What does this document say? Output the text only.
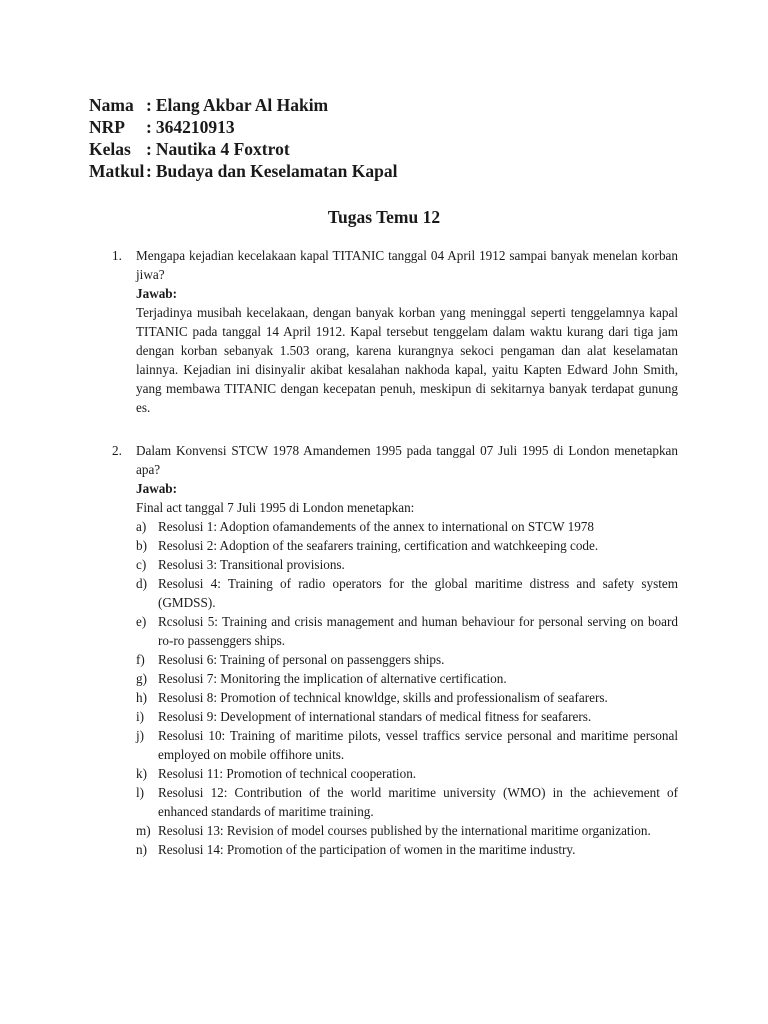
Nama : Elang Akbar Al Hakim
NRP	: 364210913
Kelas : Nautika 4 Foxtrot
Matkul : Budaya dan Keselamatan Kapal
Tugas Temu 12
1.	Mengapa kejadian kecelakaan kapal TITANIC tanggal 04 April 1912 sampai banyak menelan korban jiwa?
Jawab:
Terjadinya musibah kecelakaan, dengan banyak korban yang meninggal seperti tenggelamnya kapal TITANIC pada tanggal 14 April 1912. Kapal tersebut tenggelam dalam waktu kurang dari tiga jam dengan korban sebanyak 1.503 orang, karena kurangnya sekoci pengaman dan alat keselamatan lainnya. Kejadian ini disinyalir akibat kesalahan nakhoda kapal, yaitu Kapten Edward John Smith, yang membawa TITANIC dengan kecepatan penuh, meskipun di sekitarnya banyak terdapat gunung es.
2.	Dalam Konvensi STCW 1978 Amandemen 1995 pada tanggal 07 Juli 1995 di London menetapkan apa?
Jawab:
Final act tanggal 7 Juli 1995 di London menetapkan:
a) Resolusi 1: Adoption ofamandements of the annex to international on STCW 1978
b) Resolusi 2: Adoption of the seafarers training, certification and watchkeeping code.
c) Resolusi 3: Transitional provisions.
d) Resolusi 4: Training of radio operators for the global maritime distress and safety system (GMDSS).
e) Rcsolusi 5: Training and crisis management and human behaviour for personal serving on board ro-ro passenggers ships.
f)	Resolusi 6: Training of personal on passenggers ships.
g) Resolusi 7: Monitoring the implication of alternative certification.
h) Resolusi 8: Promotion of technical knowldge, skills and professionalism of seafarers.
i)	Resolusi 9: Development of international standars of medical fitness for seafarers.
j)	Resolusi 10: Training of maritime pilots, vessel traffics service personal and maritime personal employed on mobile offihore units.
k) Resolusi 11: Promotion of technical cooperation.
l)	Resolusi 12: Contribution of the world maritime university (WMO) in the achievement of enhanced standards of maritime training.
m) Resolusi 13: Revision of model courses published by the international maritime organization.
n) Resolusi 14: Promotion of the participation of women in the maritime industry.
